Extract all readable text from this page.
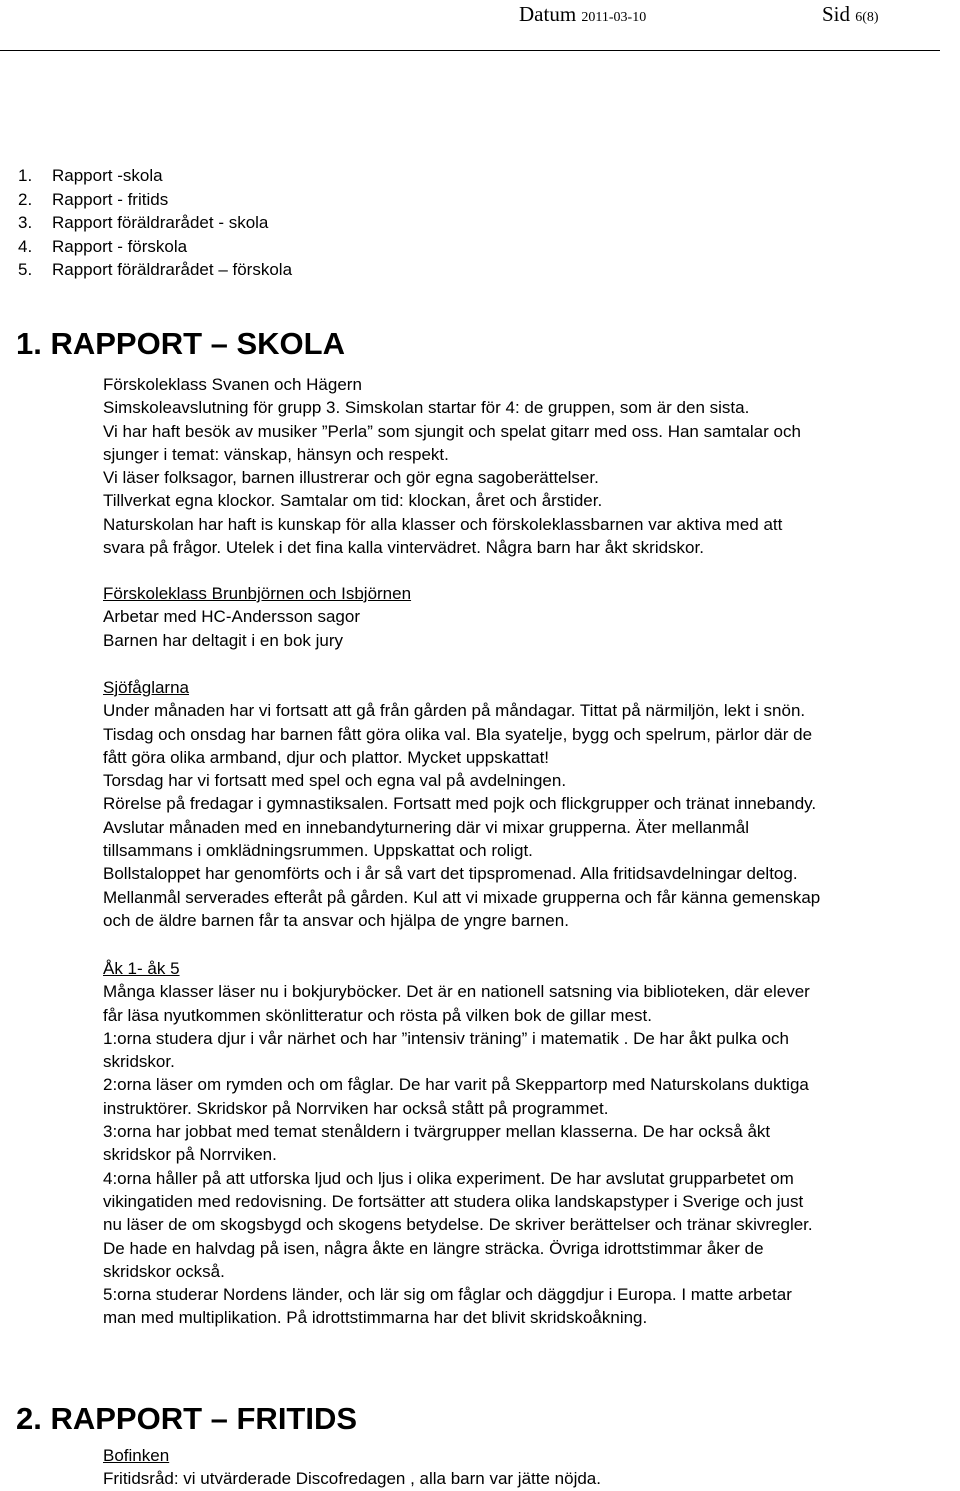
Datum 2011-03-10	Sid 6(8)
1. Rapport -skola
2. Rapport - fritids
3. Rapport föräldrarådet - skola
4. Rapport - förskola
5. Rapport föräldrarådet – förskola
1. RAPPORT – SKOLA
Förskoleklass Svanen och Hägern
Simskoleavslutning för grupp 3. Simskolan startar för 4: de gruppen, som är den sista.
Vi har haft besök av musiker ”Perla” som sjungit och spelat gitarr med oss. Han samtalar och
sjunger i temat: vänskap, hänsyn och respekt.
Vi läser folksagor, barnen illustrerar och gör egna sagoberättelser.
Tillverkat egna klockor. Samtalar om tid: klockan, året och årstider.
Naturskolan har haft is kunskap för alla klasser och förskoleklassbarnen var aktiva med att
svara på frågor. Utelek i det fina kalla vintervädret. Några barn har åkt skridskor.
Förskoleklass Brunbjörnen och Isbjörnen
Arbetar med HC-Andersson sagor
Barnen har deltagit i en bok jury
Sjöfåglarna
Under månaden har vi fortsatt att gå från gården på måndagar. Tittat på närmiljön, lekt i snön.
Tisdag och onsdag har barnen fått göra olika val. Bla syatelje, bygg och spelrum, pärlor där de
fått göra olika armband, djur och plattor. Mycket uppskattat!
Torsdag har vi fortsatt med spel och egna val på avdelningen.
Rörelse på fredagar i gymnastiksalen. Fortsatt med pojk och flickgrupper och tränat innebandy.
Avslutar månaden med en innebandyturnering där vi mixar grupperna. Äter mellanmål
tillsammans i omklädningsrummen. Uppskattat och roligt.
Bollstaloppet har genomförts och i år så vart det tipspromenad. Alla fritidsavdelningar deltog.
Mellanmål serverades efteråt på gården. Kul att vi mixade grupperna och får känna gemenskap
och de äldre barnen får ta ansvar och hjälpa de yngre barnen.
Åk 1- åk 5
Många klasser läser nu i bokjuryböcker. Det är en nationell satsning via biblioteken, där elever
får läsa nyutkommen skönlitteratur och rösta på vilken bok de gillar mest.
1:orna studera djur i vår närhet och har ”intensiv träning” i matematik . De har åkt pulka och
skridskor.
2:orna läser om rymden och om fåglar. De har varit på Skeppartorp med Naturskolans duktiga
instruktörer. Skridskor på Norrviken har också stått på programmet.
3:orna har jobbat med temat stenåldern i tvärgrupper mellan klasserna. De har också åkt
skridskor på Norrviken.
4:orna håller på att utforska ljud och ljus i olika experiment. De har avslutat grupparbetet om
vikingatiden med redovisning. De fortsätter att studera olika landskapstyper i Sverige och just
nu läser de om skogsbygd och skogens betydelse. De skriver berättelser och tränar skivregler.
De hade en halvdag på isen, några åkte en längre sträcka. Övriga idrottstimmar åker de
skridskor också.
5:orna studerar Nordens länder, och lär sig om fåglar och däggdjur i Europa. I matte arbetar
man med multiplikation. På idrottstimmarna har det blivit skridskoåkning.
2. RAPPORT – FRITIDS
Bofinken
Fritidsråd: vi utvärderade Discofredagen , alla barn var jätte nöjda.
